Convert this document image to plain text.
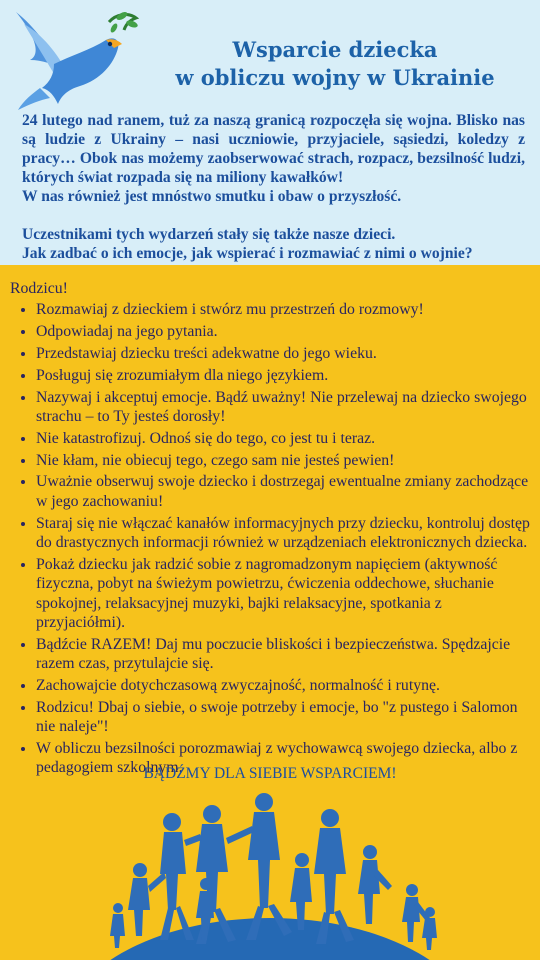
Wsparcie dziecka
w obliczu wojny w Ukrainie

24 lutego nad ranem, tuż za naszą granicą rozpoczęła się wojna. Blisko nas są ludzie z Ukrainy – nasi uczniowie, przyjaciele, sąsiedzi, koledzy z pracy… Obok nas możemy zaobserwować strach, rozpacz, bezsilność ludzi, których świat rozpada się na miliony kawałków!

W nas również jest mnóstwo smutku i obaw o przyszłość.

Uczestnikami tych wydarzeń stały się także nasze dzieci.

Jak zadbać o ich emocje, jak wspierać i rozmawiać z nimi o wojnie?

Rodzicu!

• Rozmawiaj z dzieckiem i stwórz mu przestrzeń do rozmowy!
• Odpowiadaj na jego pytania.
• Przedstawiaj dziecku treści adekwatne do jego wieku.
• Posługuj się zrozumiałym dla niego językiem.
• Nazywaj i akceptuj emocje. Bądź uważny! Nie przelewaj na dziecko swojego strachu – to Ty jesteś dorosły!
• Nie katastrofizuj. Odnoś się do tego, co jest tu i teraz.
• Nie kłam, nie obiecuj tego, czego sam nie jesteś pewien!
• Uważnie obserwuj swoje dziecko i dostrzegaj ewentualne zmiany zachodzące w jego zachowaniu!
• Staraj się nie włączać kanałów informacyjnych przy dziecku, kontroluj dostęp do drastycznych informacji również w urządzeniach elektronicznych dziecka.
• Pokaż dziecku jak radzić sobie z nagromadzonym napięciem (aktywność fizyczna, pobyt na świeżym powietrzu, ćwiczenia oddechowe, słuchanie spokojnej, relaksacyjnej muzyki, bajki relaksacyjne, spotkania z przyjaciółmi).
• Bądźcie RAZEM! Daj mu poczucie bliskości i bezpieczeństwa. Spędzajcie razem czas, przytulajcie się.
• Zachowajcie dotychczasową zwyczajność, normalność i rutynę.
• Rodzicu! Dbaj o siebie, o swoje potrzeby i emocje, bo "z pustego i Salomon nie naleje"!
• W obliczu bezsilności porozmawiaj z wychowawcą swojego dziecka, albo z pedagogiem szkolnym.
BĄDŹMY DLA SIEBIE WSPARCIEM!
